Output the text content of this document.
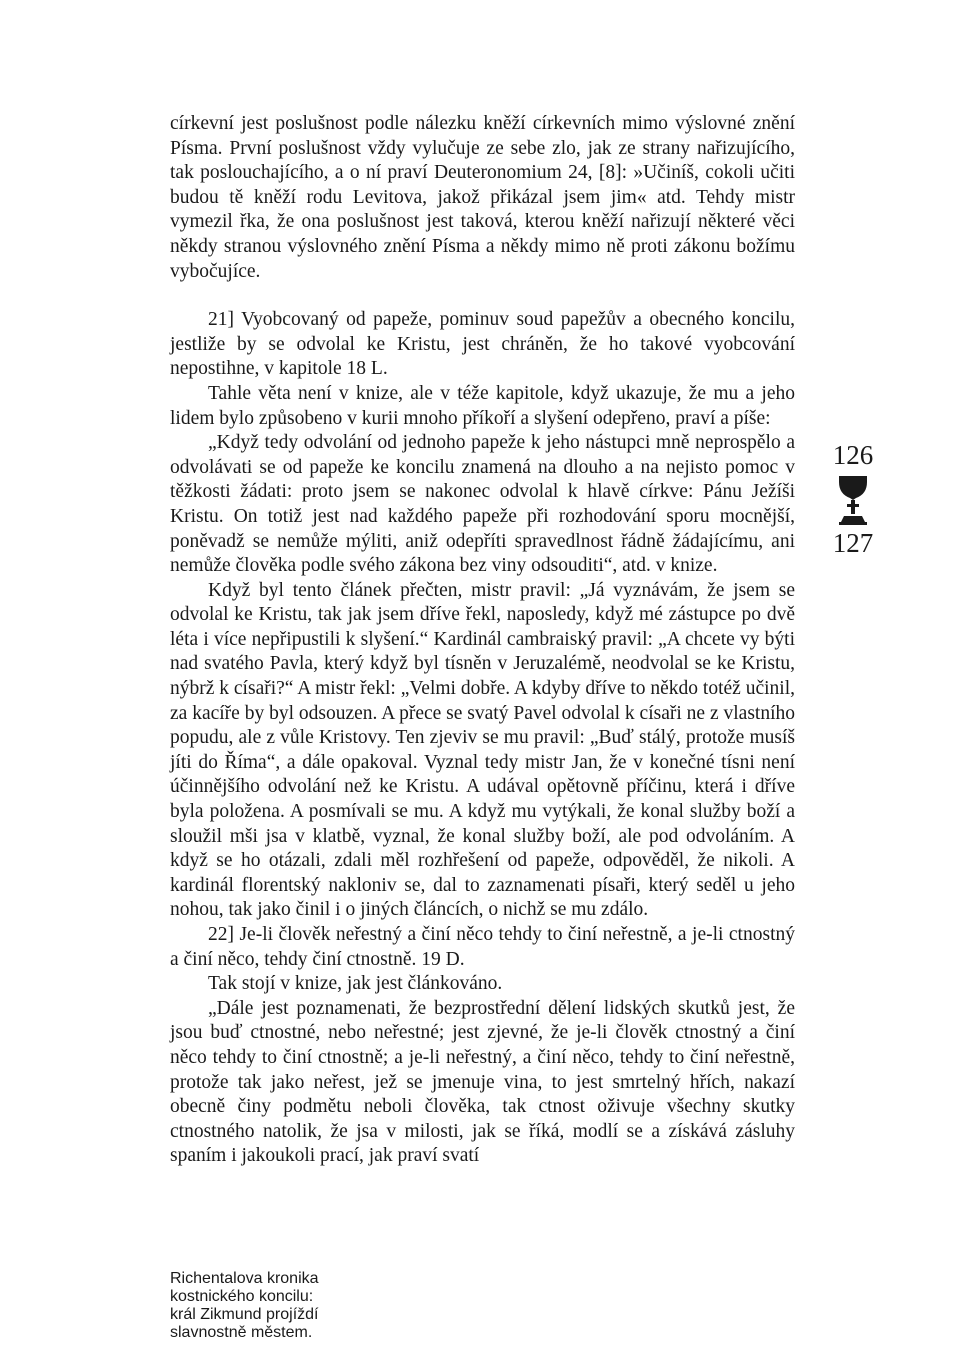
církevní jest poslušnost podle nálezku kněží církevních mimo výslovné znění Písma. První poslušnost vždy vylučuje ze sebe zlo, jak ze strany nařizujícího, tak poslouchajícího, a o ní praví Deuteronomium 24, [8]: »Učiníš, cokoli učiti budou tě kněží rodu Levitova, jakož přikázal jsem jim« atd. Tehdy mistr vymezil řka, že ona poslušnost jest taková, kterou kněží nařizují některé věci někdy stranou výslovného znění Písma a někdy mimo ně proti zákonu božímu vybočujíce.

21] Vyobcovaný od papeže, pominuv soud papežův a obecného koncilu, jestliže by se odvolal ke Kristu, jest chráněn, že ho takové vyobcování nepostihne, v kapitole 18 L.

Tahle věta není v knize, ale v téže kapitole, když ukazuje, že mu a jeho lidem bylo způsobeno v kurii mnoho příkoří a slyšení odepřeno, praví a píše:

„Když tedy odvolání od jednoho papeže k jeho nástupci mně neprospělo a odvolávati se od papeže ke koncilu znamená na dlouho a na nejisto pomoc v těžkosti žádati: proto jsem se nakonec odvolal k hlavě církve: Pánu Ježíši Kristu. On totiž jest nad každého papeže při rozhodování sporu mocnější, poněvadž se nemůže mýliti, aniž odepříti spravedlnost řádně žádajícímu, ani nemůže člověka podle svého zákona bez viny odsouditi“, atd. v knize.

Když byl tento článek přečten, mistr pravil: „Já vyznávám, že jsem se odvolal ke Kristu, tak jak jsem dříve řekl, naposledy, když mé zástupce po dvě léta i více nepřipustili k slyšení.“ Kardinál cambraiský pravil: „A chcete vy býti nad svatého Pavla, který když byl tísněn v Jeruzalémě, neodvolal se ke Kristu, nýbrž k císaři?“ A mistr řekl: „Velmi dobře. A kdyby dříve to někdo totéž učinil, za kacíře by byl odsouzen. A přece se svatý Pavel odvolal k císaři ne z vlastního popudu, ale z vůle Kristovy. Ten zjeviv se mu pravil: „Buď stálý, protože musíš jíti do Říma“, a dále opakoval. Vyznal tedy mistr Jan, že v konečné tísni není účinnějšího odvolání než ke Kristu. A udával opětovně příčinu, která i dříve byla položena. A posmívali se mu. A když mu vytýkali, že konal služby boží a sloužil mši jsa v klatbě, vyznal, že konal služby boží, ale pod odvoláním. A když se ho otázali, zdali měl rozhřešení od papeže, odpověděl, že nikoli. A kardinál florentský nakloniv se, dal to zaznamenati písaři, který seděl u jeho nohou, tak jako činil i o jiných článcích, o nichž se mu zdálo.

22] Je-li člověk neřestný a činí něco tehdy to činí neřestně, a je-li ctnostný a činí něco, tehdy činí ctnostně. 19 D.

Tak stojí v knize, jak jest článkováno.

„Dále jest poznamenati, že bezprostřední dělení lidských skutků jest, že jsou buď ctnostné, nebo neřestné; jest zjevné, že je-li člověk ctnostný a činí něco tehdy to činí ctnostně; a je-li neřestný, a činí něco, tehdy to činí neřestně, protože tak jako neřest, jež se jmenuje vina, to jest smrtelný hřích, nakazí obecně činy podmětu neboli člověka, tak ctnost oživuje všechny skutky ctnostného natolik, že jsa v milosti, jak se říká, modlí se a získává zásluhy spaním i jakoukoli prací, jak praví svatí

126
127
Richentalova kronika
kostnického koncilu:
král Zikmund projíždí
slavnostně městem.
